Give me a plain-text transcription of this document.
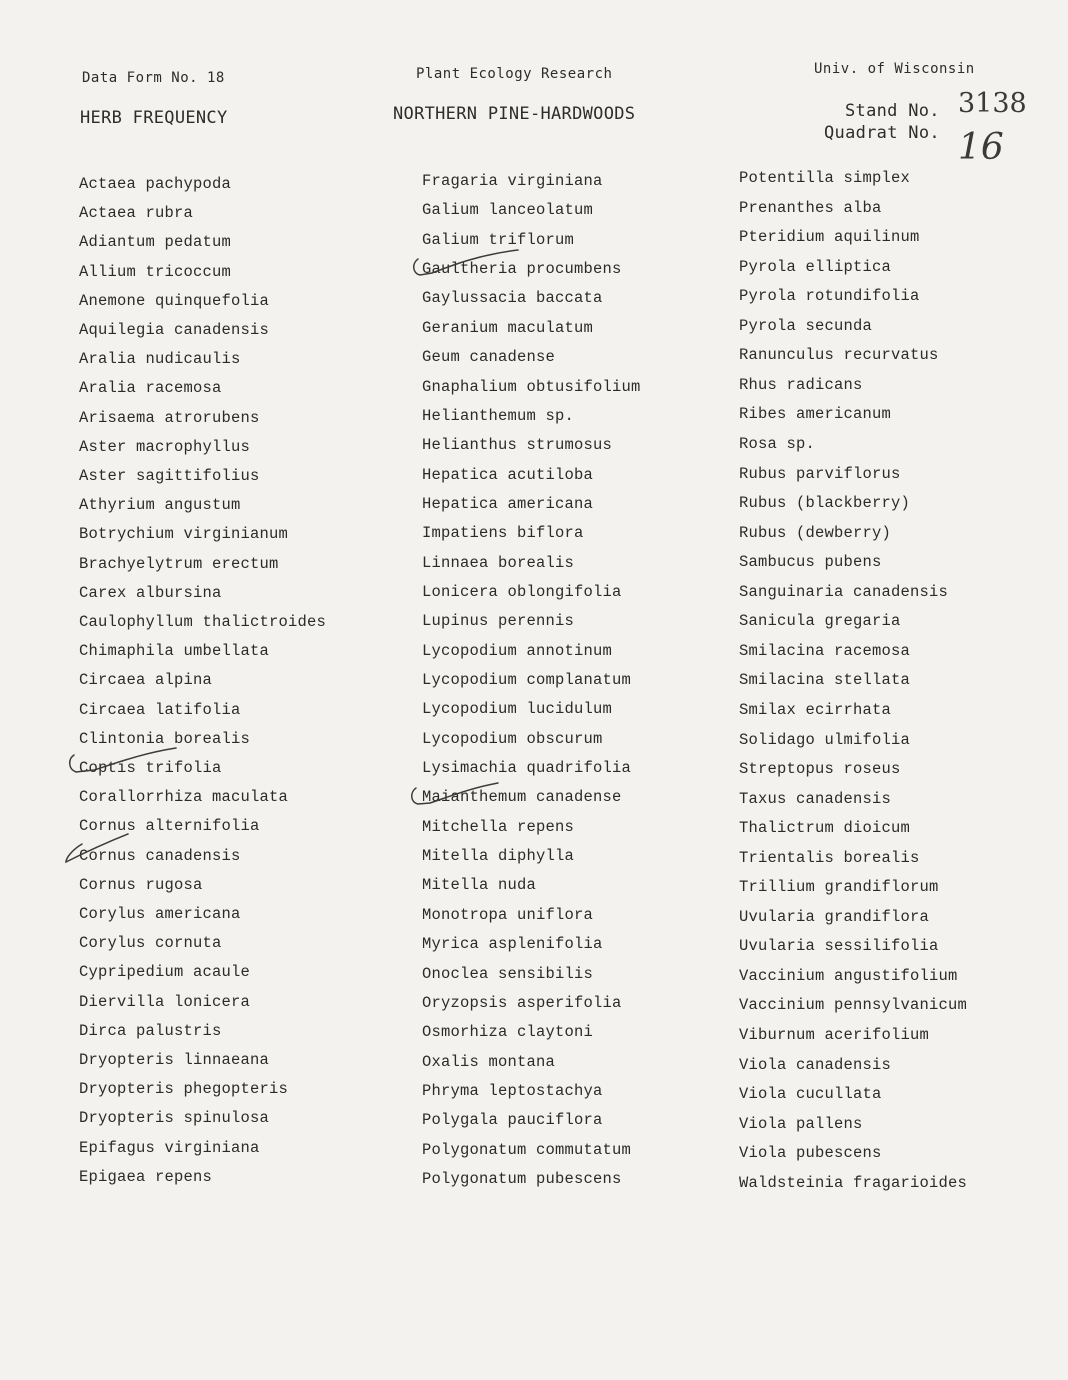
Data Form No. 18	Plant Ecology Research	Univ. of Wisconsin
HERB FREQUENCY	NORTHERN PINE-HARDWOODS	Stand No. 3138
Quadrat No. 16
Actaea pachypoda
Actaea rubra
Adiantum pedatum
Allium tricoccum
Anemone quinquefolia
Aquilegia canadensis
Aralia nudicaulis
Aralia racemosa
Arisaema atrorubens
Aster macrophyllus
Aster sagittifolius
Athyrium angustum
Botrychium virginianum
Brachyelytrum erectum
Carex albursina
Caulophyllum thalictroides
Chimaphila umbellata
Circaea alpina
Circaea latifolia
Clintonia borealis
Coptis trifolia
Corallorrhiza maculata
Cornus alternifolia
Cornus canadensis
Cornus rugosa
Corylus americana
Corylus cornuta
Cypripedium acaule
Diervilla lonicera
Dirca palustris
Dryopteris linnaeana
Dryopteris phegopteris
Dryopteris spinulosa
Epifagus virginiana
Epigaea repens
Fragaria virginiana
Galium lanceolatum
Galium triflorum
Gaultheria procumbens
Gaylussacia baccata
Geranium maculatum
Geum canadense
Gnaphalium obtusifolium
Helianthemum sp.
Helianthus strumosus
Hepatica acutiloba
Hepatica americana
Impatiens biflora
Linnaea borealis
Lonicera oblongifolia
Lupinus perennis
Lycopodium annotinum
Lycopodium complanatum
Lycopodium lucidulum
Lycopodium obscurum
Lysimachia quadrifolia
Maianthemum canadense
Mitchella repens
Mitella diphylla
Mitella nuda
Monotropa uniflora
Myrica asplenifolia
Onoclea sensibilis
Oryzopsis asperifolia
Osmorhiza claytoni
Oxalis montana
Phryma leptostachya
Polygala pauciflora
Polygonatum commutatum
Polygonatum pubescens
Potentilla simplex
Prenanthes alba
Pteridium aquilinum
Pyrola elliptica
Pyrola rotundifolia
Pyrola secunda
Ranunculus recurvatus
Rhus radicans
Ribes americanum
Rosa sp.
Rubus parviflorus
Rubus (blackberry)
Rubus (dewberry)
Sambucus pubens
Sanguinaria canadensis
Sanicula gregaria
Smilacina racemosa
Smilacina stellata
Smilax ecirrhata
Solidago ulmifolia
Streptopus roseus
Taxus canadensis
Thalictrum dioicum
Trientalis borealis
Trillium grandiflorum
Uvularia grandiflora
Uvularia sessilifolia
Vaccinium angustifolium
Vaccinium pennsylvanicum
Viburnum acerifolium
Viola canadensis
Viola cucullata
Viola pallens
Viola pubescens
Waldsteinia fragarioides
